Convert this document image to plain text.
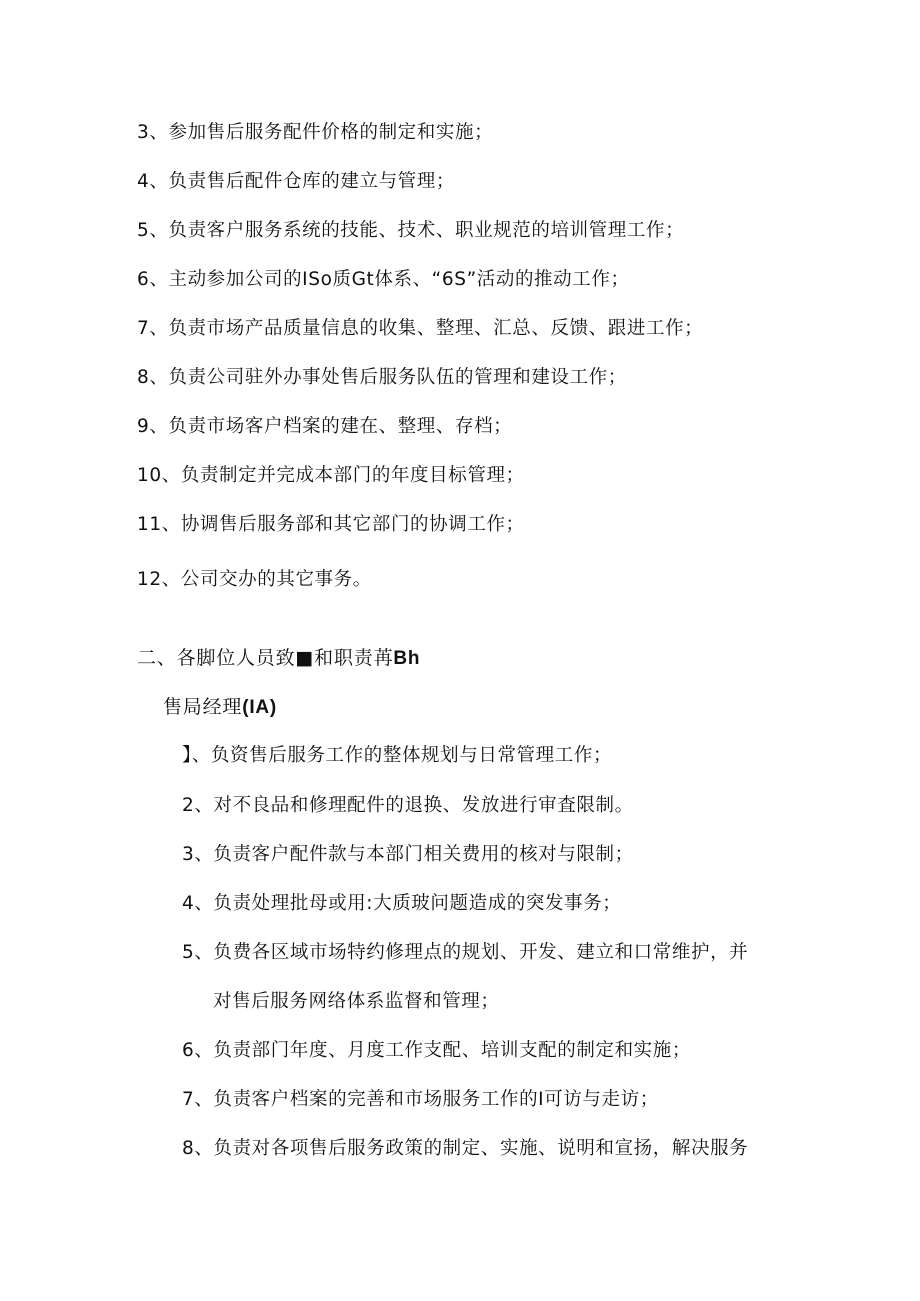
3、参加售后服务配件价格的制定和实施；
4、负责售后配件仓库的建立与管理；
5、负责客户服务系统的技能、技术、职业规范的培训管理工作；
6、主动参加公司的ISo质Gt体系、“6S”活动的推动工作；
7、负责市场产品质量信息的收集、整理、汇总、反馈、跟进工作；
8、负责公司驻外办事处售后服务队伍的管理和建设工作；
9、负责市场客户档案的建在、整理、存档；
10、负责制定并完成本部门的年度目标管理；
11、协调售后服务部和其它部门的协调工作；
12、公司交办的其它事务。
二、各脚位人员致■和职责苒Bh
售局经理(IA)
】、负资售后服务工作的整体规划与日常管理工作；
2、对不良品和修理配件的退换、发放进行审査限制。
3、负责客户配件款与本部门相关费用的核对与限制；
4、负责处理批母或用:大质玻问题造成的突发事务；
5、负费各区域市场特约修理点的规划、开发、建立和口常维护，并
对售后服务网络体系监督和管理；
6、负责部门年度、月度工作支配、培训支配的制定和实施；
7、负责客户档案的完善和市场服务工作的I可访与走访；
8、负责对各项售后服务政策的制定、实施、说明和宣扬，解决服务
